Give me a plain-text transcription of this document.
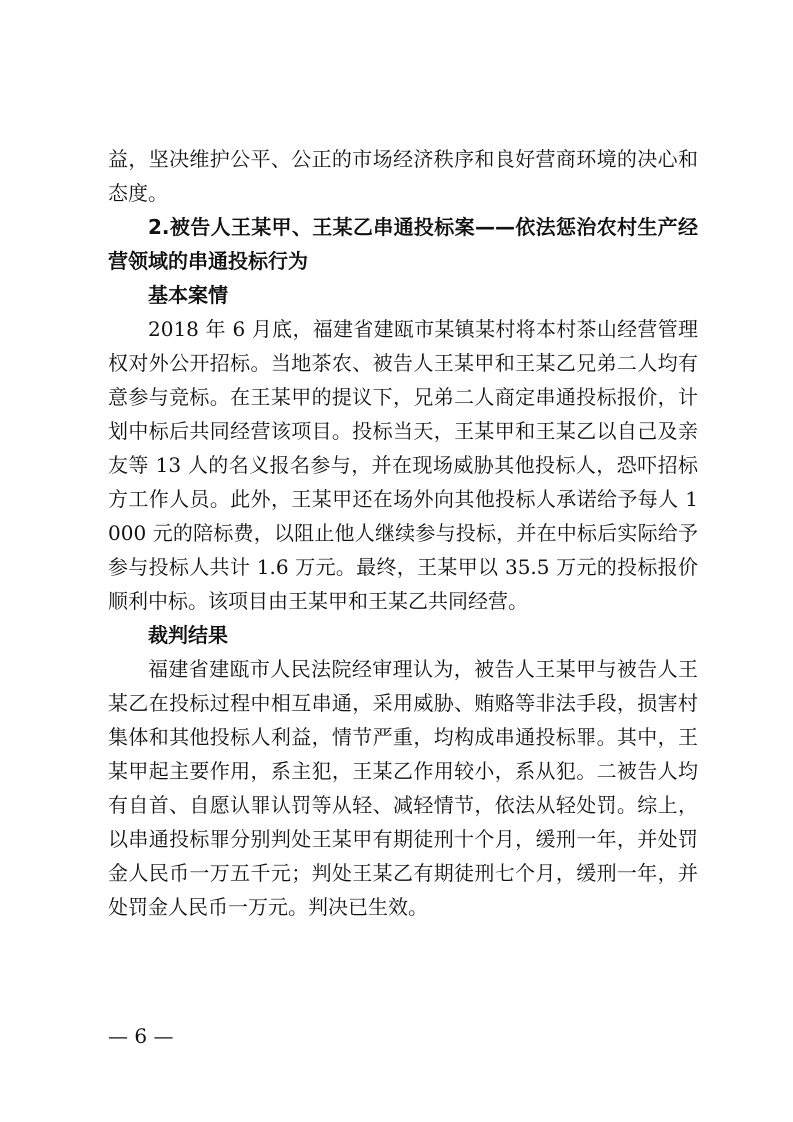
益，坚决维护公平、公正的市场经济秩序和良好营商环境的决心和态度。

2.被告人王某甲、王某乙串通投标案——依法惩治农村生产经营领域的串通投标行为

基本案情

2018 年 6 月底，福建省建瓯市某镇某村将本村茶山经营管理权对外公开招标。当地茶农、被告人王某甲和王某乙兄弟二人均有意参与竞标。在王某甲的提议下，兄弟二人商定串通投标报价，计划中标后共同经营该项目。投标当天，王某甲和王某乙以自己及亲友等 13 人的名义报名参与，并在现场威胁其他投标人，恐吓招标方工作人员。此外，王某甲还在场外向其他投标人承诺给予每人 1000 元的陪标费，以阻止他人继续参与投标，并在中标后实际给予参与投标人共计 1.6 万元。最终，王某甲以 35.5 万元的投标报价顺利中标。该项目由王某甲和王某乙共同经营。

裁判结果

福建省建瓯市人民法院经审理认为，被告人王某甲与被告人王某乙在投标过程中相互串通，采用威胁、贿赂等非法手段，损害村集体和其他投标人利益，情节严重，均构成串通投标罪。其中，王某甲起主要作用，系主犯，王某乙作用较小，系从犯。二被告人均有自首、自愿认罪认罚等从轻、减轻情节，依法从轻处罚。综上，以串通投标罪分别判处王某甲有期徒刑十个月，缓刑一年，并处罚金人民币一万五千元；判处王某乙有期徒刑七个月，缓刑一年，并处罚金人民币一万元。判决已生效。

— 6 —
